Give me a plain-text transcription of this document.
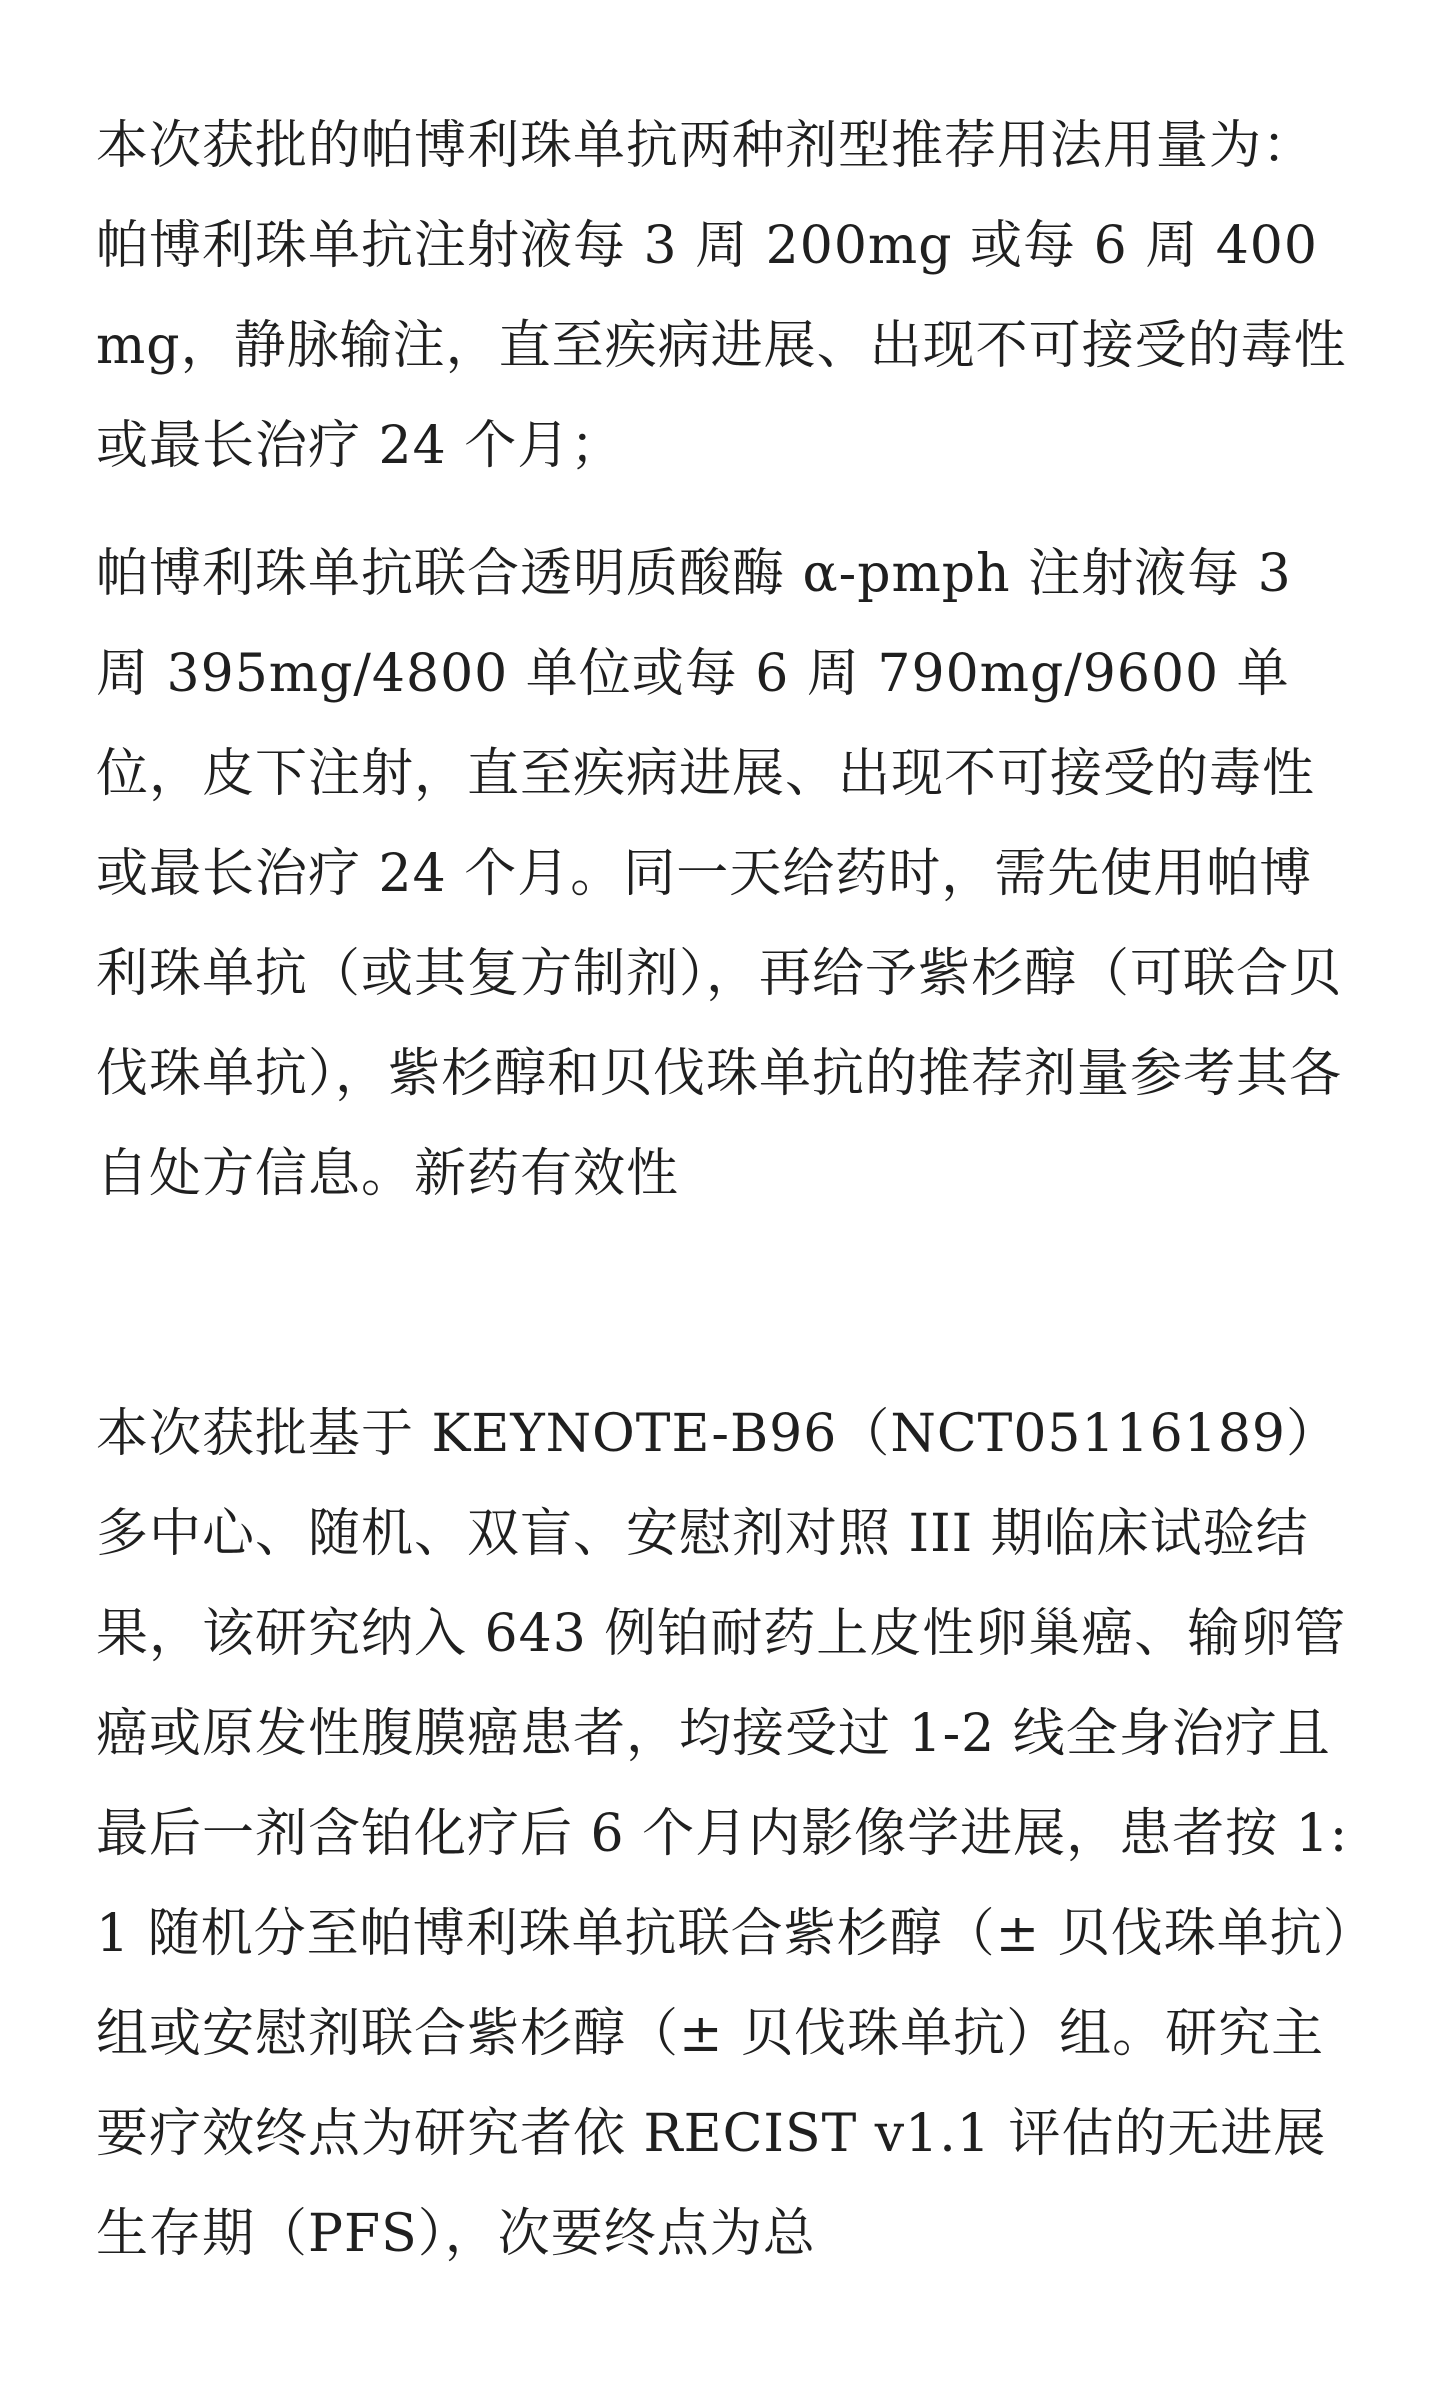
本次获批的帕博利珠单抗两种剂型推荐用法用量为：帕博利珠单抗注射液每 3 周 200mg 或每 6 周 400mg，静脉输注，直至疾病进展、出现不可接受的毒性或最长治疗 24 个月；

帕博利珠单抗联合透明质酸酶 α-pmph 注射液每 3 周 395mg/4800 单位或每 6 周 790mg/9600 单位，皮下注射，直至疾病进展、出现不可接受的毒性或最长治疗 24 个月。同一天给药时，需先使用帕博利珠单抗（或其复方制剂），再给予紫杉醇（可联合贝伐珠单抗），紫杉醇和贝伐珠单抗的推荐剂量参考其各自处方信息。新药有效性

本次获批基于 KEYNOTE-B96（NCT05116189）多中心、随机、双盲、安慰剂对照 III 期临床试验结果，该研究纳入 643 例铂耐药上皮性卵巢癌、输卵管癌或原发性腹膜癌患者，均接受过 1-2 线全身治疗且最后一剂含铂化疗后 6 个月内影像学进展，患者按 1:1 随机分至帕博利珠单抗联合紫杉醇（± 贝伐珠单抗）组或安慰剂联合紫杉醇（± 贝伐珠单抗）组。研究主要疗效终点为研究者依 RECIST v1.1 评估的无进展生存期（PFS），次要终点为总
